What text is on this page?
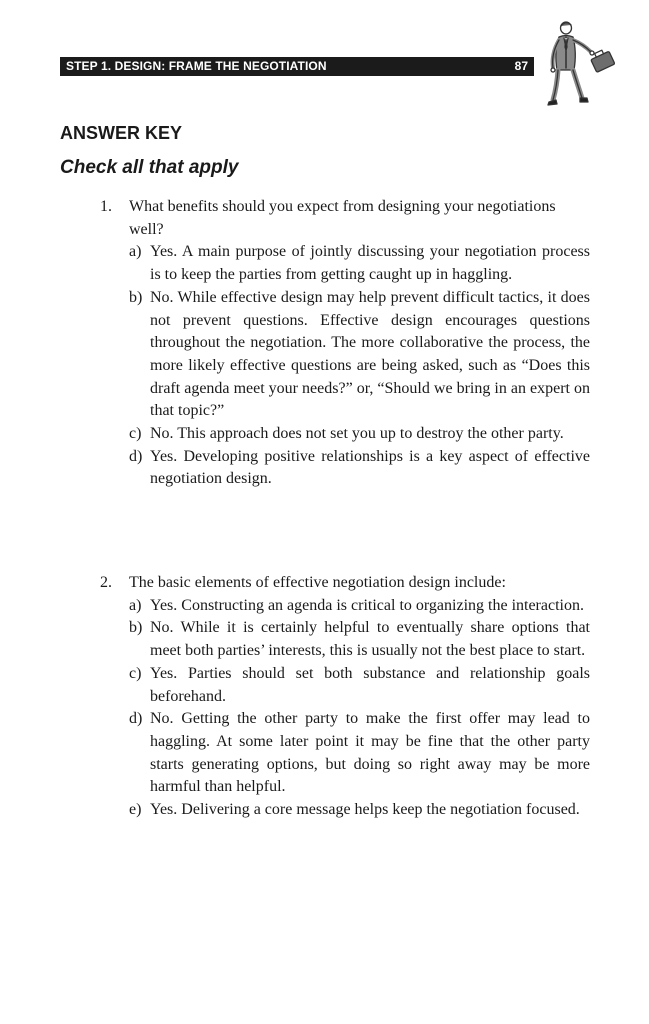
STEP 1. DESIGN: FRAME THE NEGOTIATION	87
ANSWER KEY
Check all that apply
1.	What benefits should you expect from designing your negotiations well?
a) Yes. A main purpose of jointly discussing your negotiation process is to keep the parties from getting caught up in haggling.
b) No. While effective design may help prevent difficult tactics, it does not prevent questions. Effective design encourages questions throughout the negotiation. The more collaborative the process, the more likely effective questions are being asked, such as “Does this draft agenda meet your needs?” or, “Should we bring in an expert on that topic?”
c) No. This approach does not set you up to destroy the other party.
d) Yes. Developing positive relationships is a key aspect of effective negotiation design.
2.	The basic elements of effective negotiation design include:
a) Yes. Constructing an agenda is critical to organizing the interaction.
b) No. While it is certainly helpful to eventually share options that meet both parties’ interests, this is usually not the best place to start.
c) Yes. Parties should set both substance and relationship goals beforehand.
d) No. Getting the other party to make the first offer may lead to haggling. At some later point it may be fine that the other party starts generating options, but doing so right away may be more harmful than helpful.
e) Yes. Delivering a core message helps keep the negotiation focused.
